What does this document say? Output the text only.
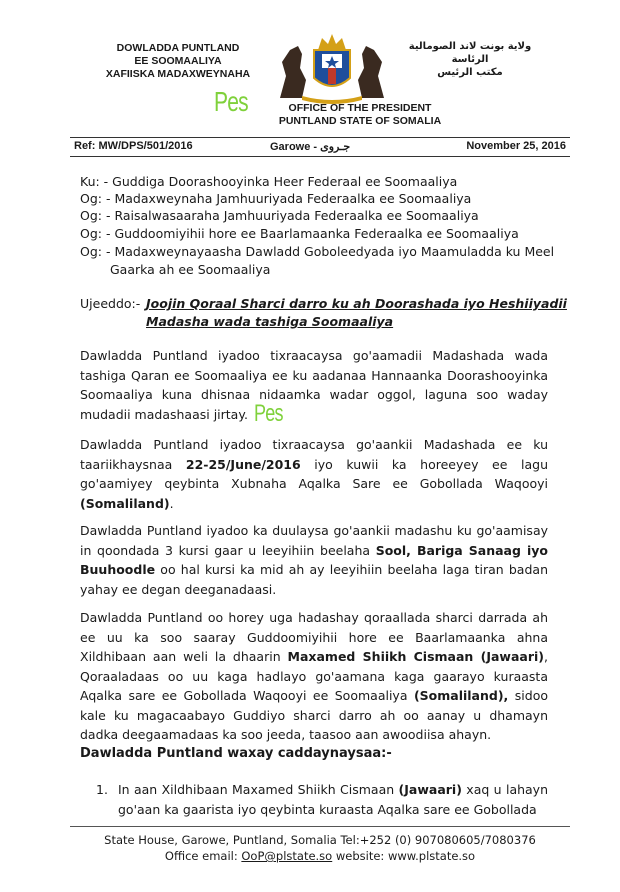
DOWLADDA PUNTLAND
EE SOOMAALIYA
XAFIISKA MADAXWEYNAHA
ولاية بونت لاند الصومالية
الرئاسة
مكتب الرئيس
Pes	OFFICE OF THE PRESIDENT
PUNTLAND STATE OF SOMALIA
Ref: MW/DPS/501/2016	Garowe - جـروى	November 25, 2016
Ku: - Guddiga Doorashooyinka Heer Federaal ee Soomaaliya
Og: - Madaxweynaha Jamhuuriyada Federaalka ee Soomaaliya
Og: - Raisalwasaaraha Jamhuuriyada Federaalka ee Soomaaliya
Og: - Guddoomiyihii hore ee Baarlamaanka Federaalka ee Soomaaliya
Og: - Madaxweynayaasha Dawladd Goboleedyada iyo Maamuladda ku Meel
Gaarka ah ee Soomaaliya
Ujeeddo:- Joojin Qoraal Sharci darro ku ah Doorashada iyo Heshiiyadii
Madasha wada tashiga Soomaaliya
Dawladda Puntland iyadoo tixraacaysa go'aamadii Madashada wada tashiga Qaran ee Soomaaliya ee ku aadanaa Hannaanka Doorashooyinka Soomaaliya kuna dhisnaa nidaamka wadar oggol, laguna soo waday mudadii madashaasi jirtay. Pes
Dawladda Puntland iyadoo tixraacaysa go'aankii Madashada ee ku taariikhaysnaa 22-25/June/2016 iyo kuwii ka horeeyey ee lagu go'aamiyey qeybinta Xubnaha Aqalka Sare ee Gobollada Waqooyi (Somaliland).
Dawladda Puntland iyadoo ka duulaysa go'aankii madashu ku go'aamisay in qoondada 3 kursi gaar u leeyihiin beelaha Sool, Bariga Sanaag iyo Buuhoodle oo hal kursi ka mid ah ay leeyihiin beelaha laga tiran badan yahay ee degan deeganadaasi.
Dawladda Puntland oo horey uga hadashay qoraallada sharci darrada ah ee uu ka soo saaray Guddoomiyihii hore ee Baarlamaanka ahna Xildhibaan aan weli la dhaarin Maxamed Shiikh Cismaan (Jawaari), Qoraaladaas oo uu kaga hadlayo go'aamana kaga gaarayo kuraasta Aqalka sare ee Gobollada Waqooyi ee Soomaaliya (Somaliland), sidoo kale ku magacaabayo Guddiyo sharci darro ah oo aanay u dhamayn dadka deegaamadaas ka soo jeeda, taasoo aan awoodiisa ahayn.
Dawladda Puntland waxay caddaynaysaa:-
1. In aan Xildhibaan Maxamed Shiikh Cismaan (Jawaari) xaq u lahayn go'aan ka gaarista iyo qeybinta kuraasta Aqalka sare ee Gobollada
State House, Garowe, Puntland, Somalia Tel:+252 (0) 907080605/7080376
Office email: OoP@plstate.so website: www.plstate.so
